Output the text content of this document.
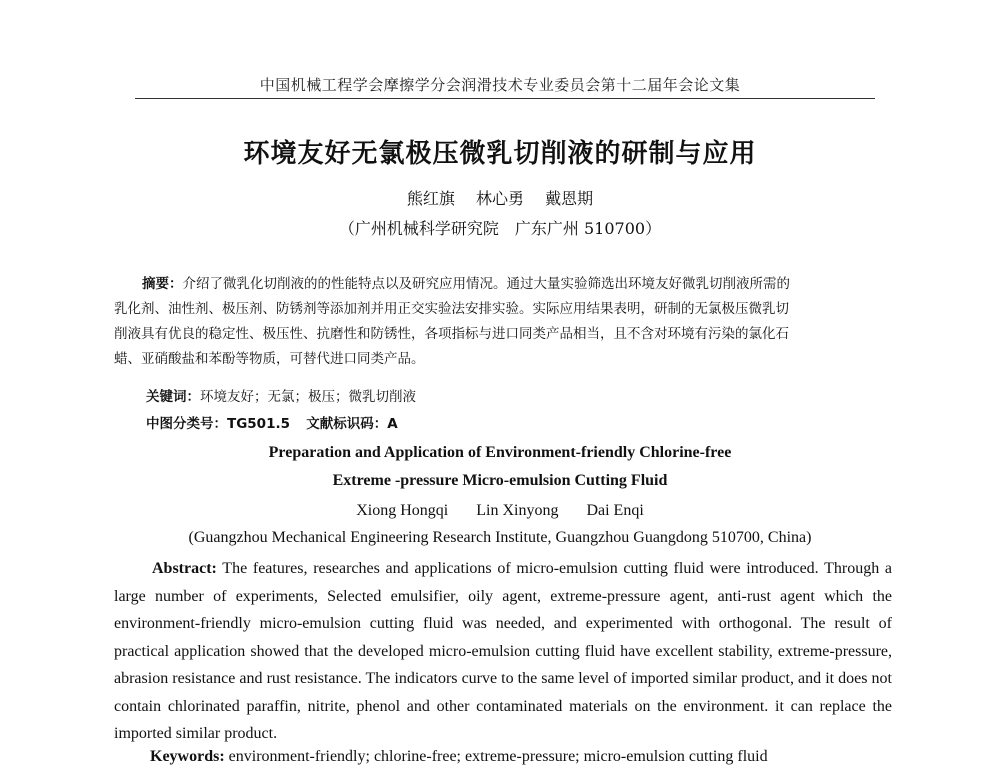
中国机械工程学会摩擦学分会润滑技术专业委员会第十二届年会论文集
环境友好无氯极压微乳切削液的研制与应用
熊红旗 林心勇 戴恩期
（广州机械科学研究院　广东广州 510700）
摘要：介绍了微乳化切削液的的性能特点以及研究应用情况。通过大量实验筛选出环境友好微乳切削液所需的
乳化剂、油性剂、极压剂、防锈剂等添加剂并用正交实验法安排实验。实际应用结果表明，研制的无氯极压微乳切
削液具有优良的稳定性、极压性、抗磨性和防锈性，各项指标与进口同类产品相当，且不含对环境有污染的氯化石
蜡、亚硝酸盐和苯酚等物质，可替代进口同类产品。
关键词：环境友好；无氯；极压；微乳切削液
中图分类号：TG501.5 文献标识码：A
Preparation and Application of Environment-friendly Chlorine-free
Extreme -pressure Micro-emulsion Cutting Fluid
Xiong Hongqi Lin Xinyong Dai Enqi
(Guangzhou Mechanical Engineering Research Institute, Guangzhou Guangdong 510700, China)
Abstract: The features, researches and applications of micro-emulsion cutting fluid were introduced. Through a large number of experiments, Selected emulsifier, oily agent, extreme-pressure agent, anti-rust agent which the environment-friendly micro-emulsion cutting fluid was needed, and experimented with orthogonal. The result of practical application showed that the developed micro-emulsion cutting fluid have excellent stability, extreme-pressure, abrasion resistance and rust resistance. The indicators curve to the same level of imported similar product, and it does not contain chlorinated paraffin, nitrite, phenol and other contaminated materials on the environment. it can replace the imported similar product.
Keywords: environment-friendly; chlorine-free; extreme-pressure; micro-emulsion cutting fluid
